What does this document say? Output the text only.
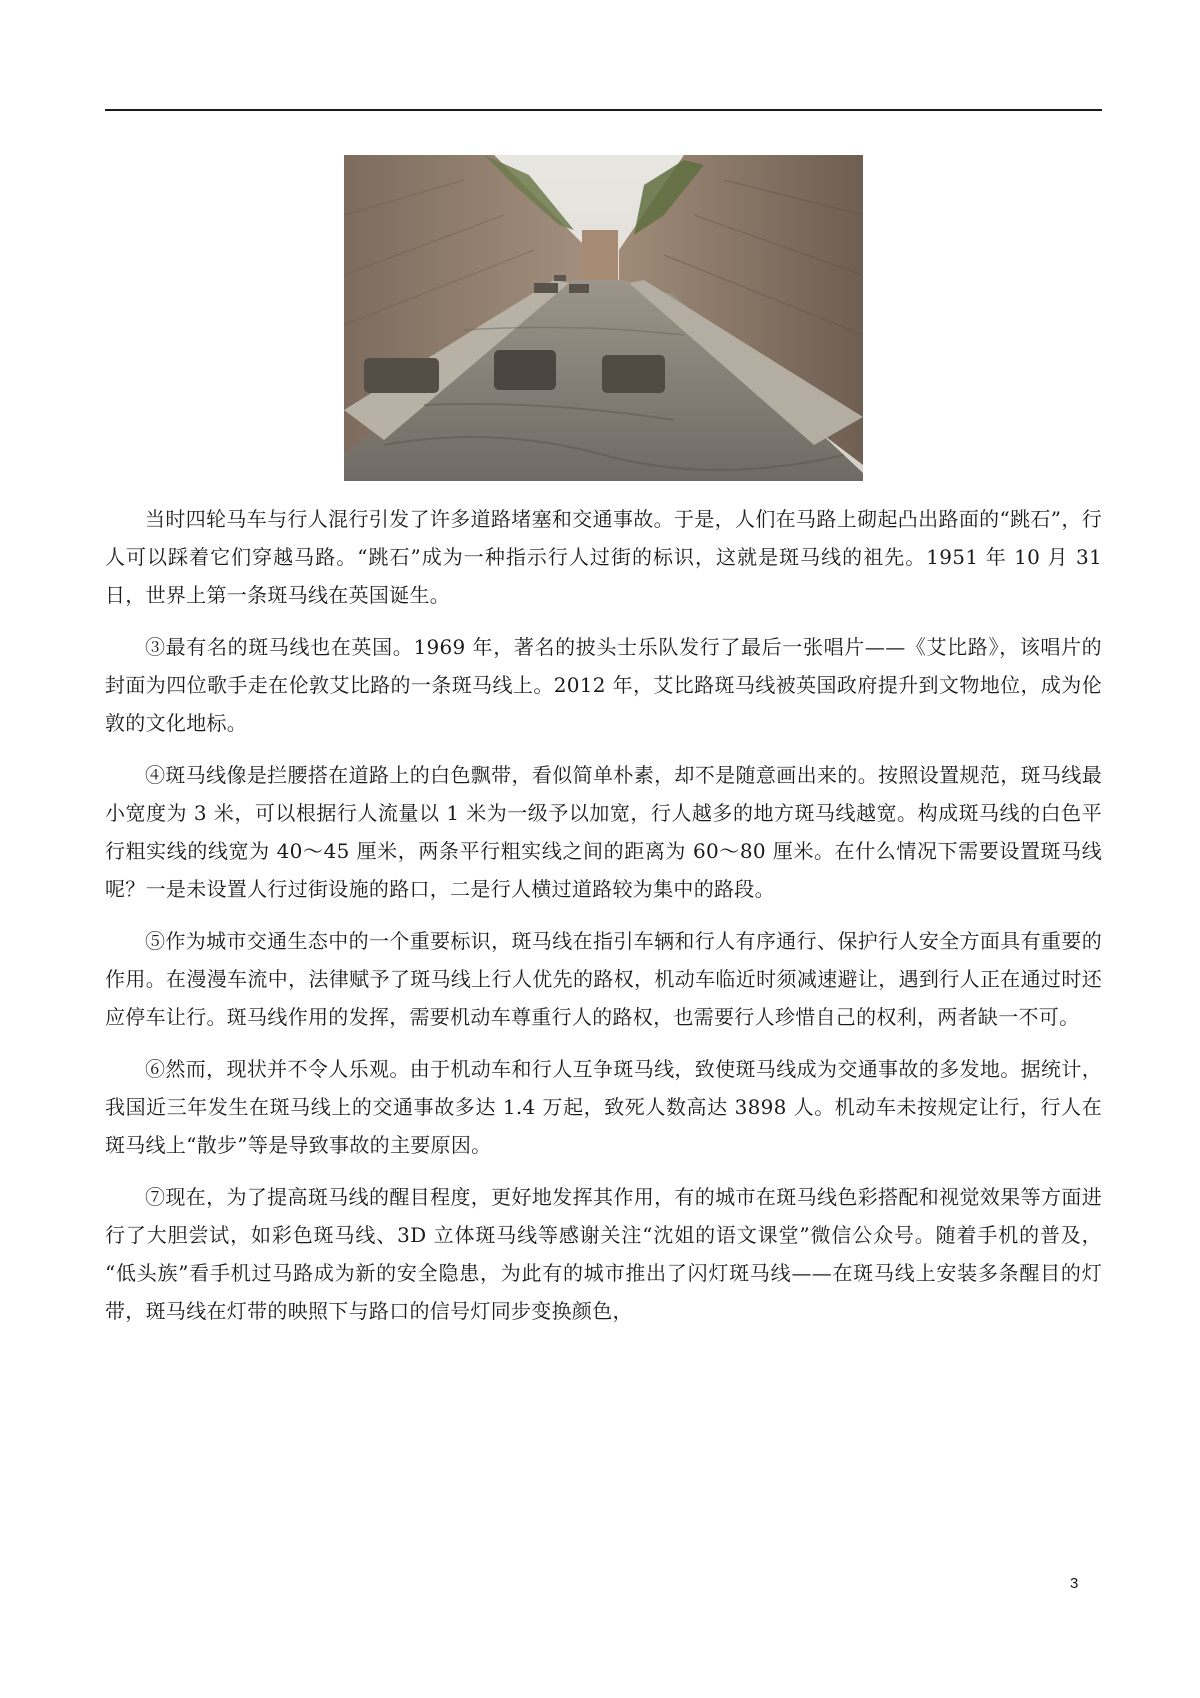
当时四轮马车与行人混行引发了许多道路堵塞和交通事故。于是，人们在马路上砌起凸出路面的“跳石”，行人可以踩着它们穿越马路。“跳石”成为一种指示行人过街的标识，这就是斑马线的祖先。1951 年 10 月 31 日，世界上第一条斑马线在英国诞生。

③最有名的斑马线也在英国。1969 年，著名的披头士乐队发行了最后一张唱片——《艾比路》，该唱片的封面为四位歌手走在伦敦艾比路的一条斑马线上。2012 年，艾比路斑马线被英国政府提升到文物地位，成为伦敦的文化地标。

④斑马线像是拦腰搭在道路上的白色飘带，看似简单朴素，却不是随意画出来的。按照设置规范，斑马线最小宽度为 3 米，可以根据行人流量以 1 米为一级予以加宽，行人越多的地方斑马线越宽。构成斑马线的白色平行粗实线的线宽为 40～45 厘米，两条平行粗实线之间的距离为 60～80 厘米。在什么情况下需要设置斑马线呢？一是未设置人行过街设施的路口，二是行人横过道路较为集中的路段。

⑤作为城市交通生态中的一个重要标识，斑马线在指引车辆和行人有序通行、保护行人安全方面具有重要的作用。在漫漫车流中，法律赋予了斑马线上行人优先的路权，机动车临近时须减速避让，遇到行人正在通过时还应停车让行。斑马线作用的发挥，需要机动车尊重行人的路权，也需要行人珍惜自己的权利，两者缺一不可。

⑥然而，现状并不令人乐观。由于机动车和行人互争斑马线，致使斑马线成为交通事故的多发地。据统计，我国近三年发生在斑马线上的交通事故多达 1.4 万起，致死人数高达 3898 人。机动车未按规定让行，行人在斑马线上“散步”等是导致事故的主要原因。

⑦现在，为了提高斑马线的醒目程度，更好地发挥其作用，有的城市在斑马线色彩搭配和视觉效果等方面进行了大胆尝试，如彩色斑马线、3D 立体斑马线等感谢关注“沈姐的语文课堂”微信公众号。随着手机的普及， “低头族”看手机过马路成为新的安全隐患，为此有的城市推出了闪灯斑马线——在斑马线上安装多条醒目的灯带，斑马线在灯带的映照下与路口的信号灯同步变换颜色，

3
